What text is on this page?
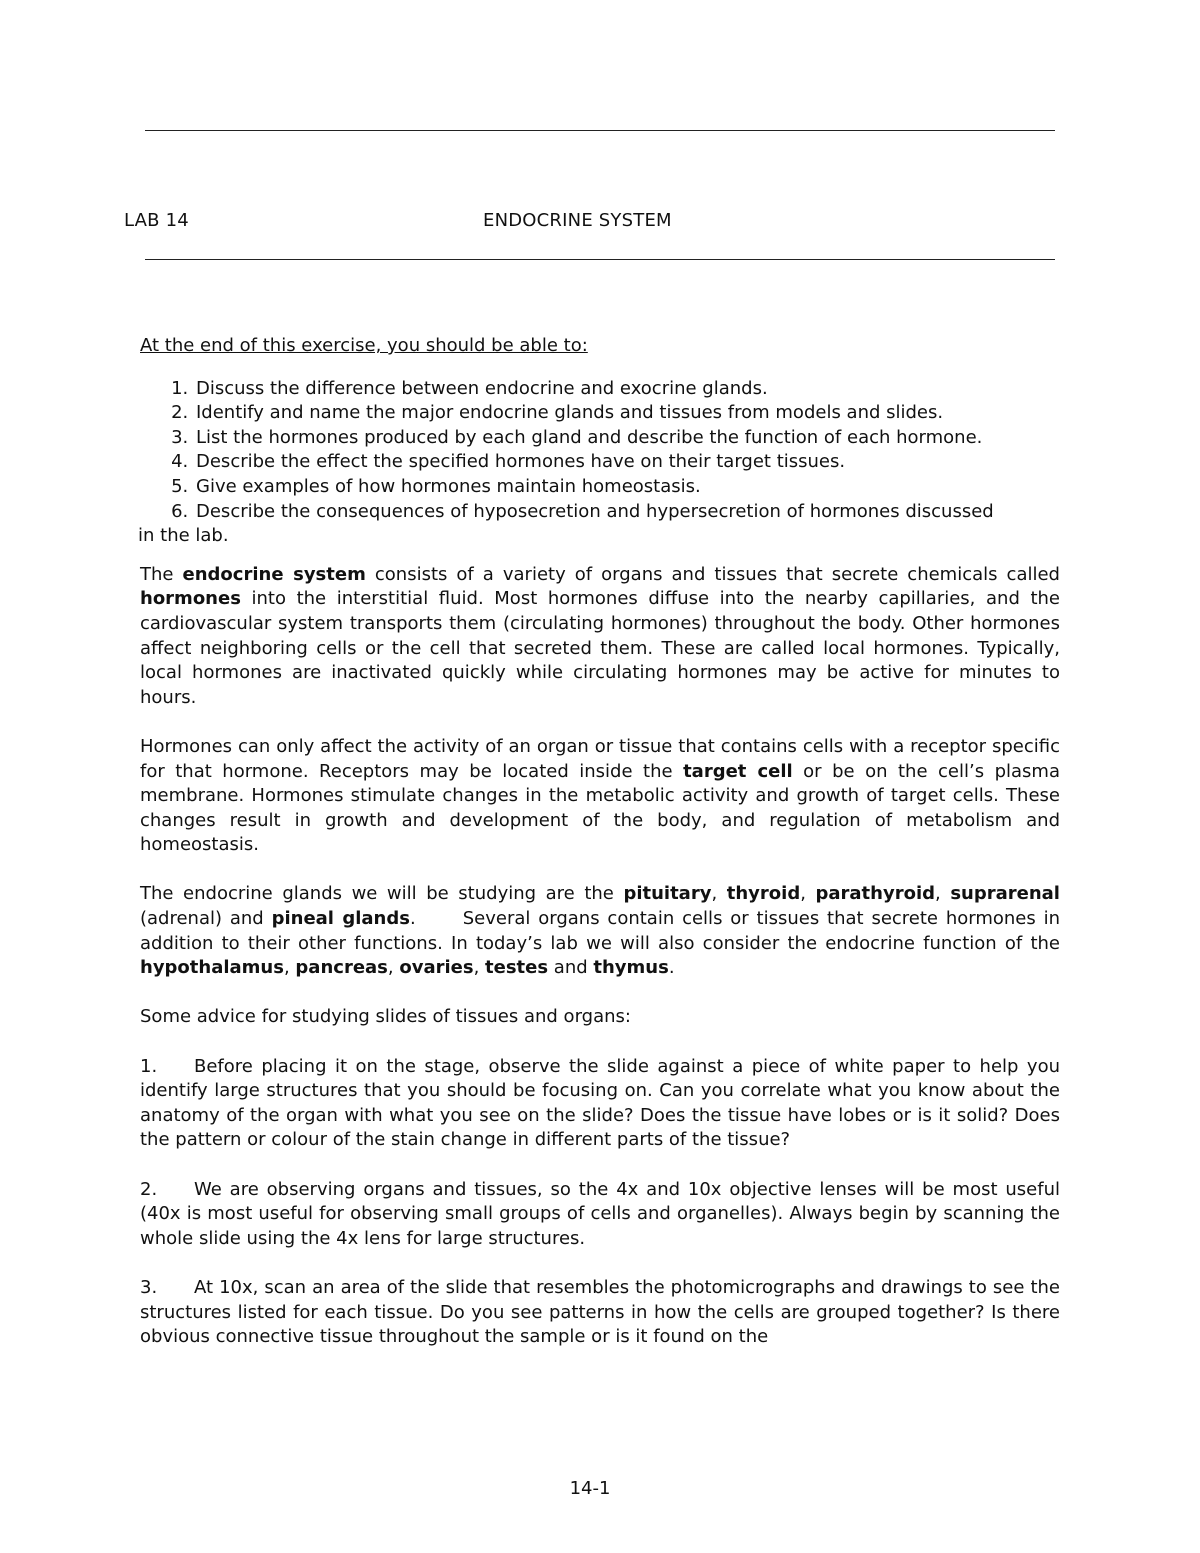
LAB 14	ENDOCRINE SYSTEM

At the end of this exercise, you should be able to:

1. Discuss the difference between endocrine and exocrine glands.
2. Identify and name the major endocrine glands and tissues from models and slides.
3. List the hormones produced by each gland and describe the function of each hormone.
4. Describe the effect the specified hormones have on their target tissues.
5. Give examples of how hormones maintain homeostasis.
6. Describe the consequences of hyposecretion and hypersecretion of hormones discussed

in the lab.

The endocrine system consists of a variety of organs and tissues that secrete chemicals called hormones into the interstitial fluid. Most hormones diffuse into the nearby capillaries, and the cardiovascular system transports them (circulating hormones) throughout the body. Other hormones affect neighboring cells or the cell that secreted them. These are called local hormones. Typically, local hormones are inactivated quickly while circulating hormones may be active for minutes to hours.

Hormones can only affect the activity of an organ or tissue that contains cells with a receptor specific for that hormone. Receptors may be located inside the target cell or be on the cell’s plasma membrane. Hormones stimulate changes in the metabolic activity and growth of target cells. These changes result in growth and development of the body, and regulation of metabolism and homeostasis.

The endocrine glands we will be studying are the pituitary, thyroid, parathyroid, suprarenal (adrenal) and pineal glands.      Several organs contain cells or tissues that secrete hormones in addition to their other functions. In today’s lab we will also consider the endocrine function of the hypothalamus, pancreas, ovaries, testes and thymus.

Some advice for studying slides of tissues and organs:

1. Before placing it on the stage, observe the slide against a piece of white paper to help you identify large structures that you should be focusing on. Can you correlate what you know about the anatomy of the organ with what you see on the slide? Does the tissue have lobes or is it solid? Does the pattern or colour of the stain change in different parts of the tissue?

2. We are observing organs and tissues, so the 4x and 10x objective lenses will be most useful (40x is most useful for observing small groups of cells and organelles). Always begin by scanning the whole slide using the 4x lens for large structures.

3. At 10x, scan an area of the slide that resembles the photomicrographs and drawings to see the structures listed for each tissue. Do you see patterns in how the cells are grouped together? Is there obvious connective tissue throughout the sample or is it found on the

14-1
